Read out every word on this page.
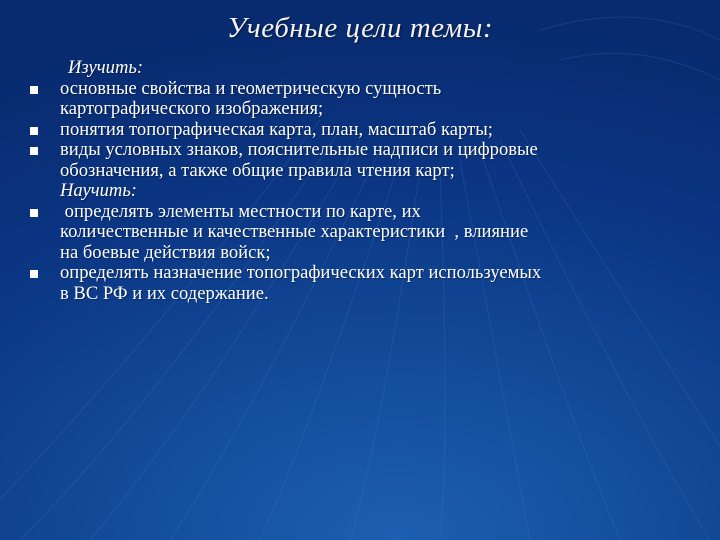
Учебные цели темы:
Изучить:
основные свойства и геометрическую сущность
картографического изображения;
понятия топографическая карта, план, масштаб карты;
виды условных знаков, пояснительные надписи и цифровые
обозначения, а также общие правила чтения карт;
Научить:
определять элементы местности по карте, их
количественные и качественные характеристики  , влияние
на боевые действия войск;
определять назначение топографических карт используемых
в ВС РФ и их содержание.
